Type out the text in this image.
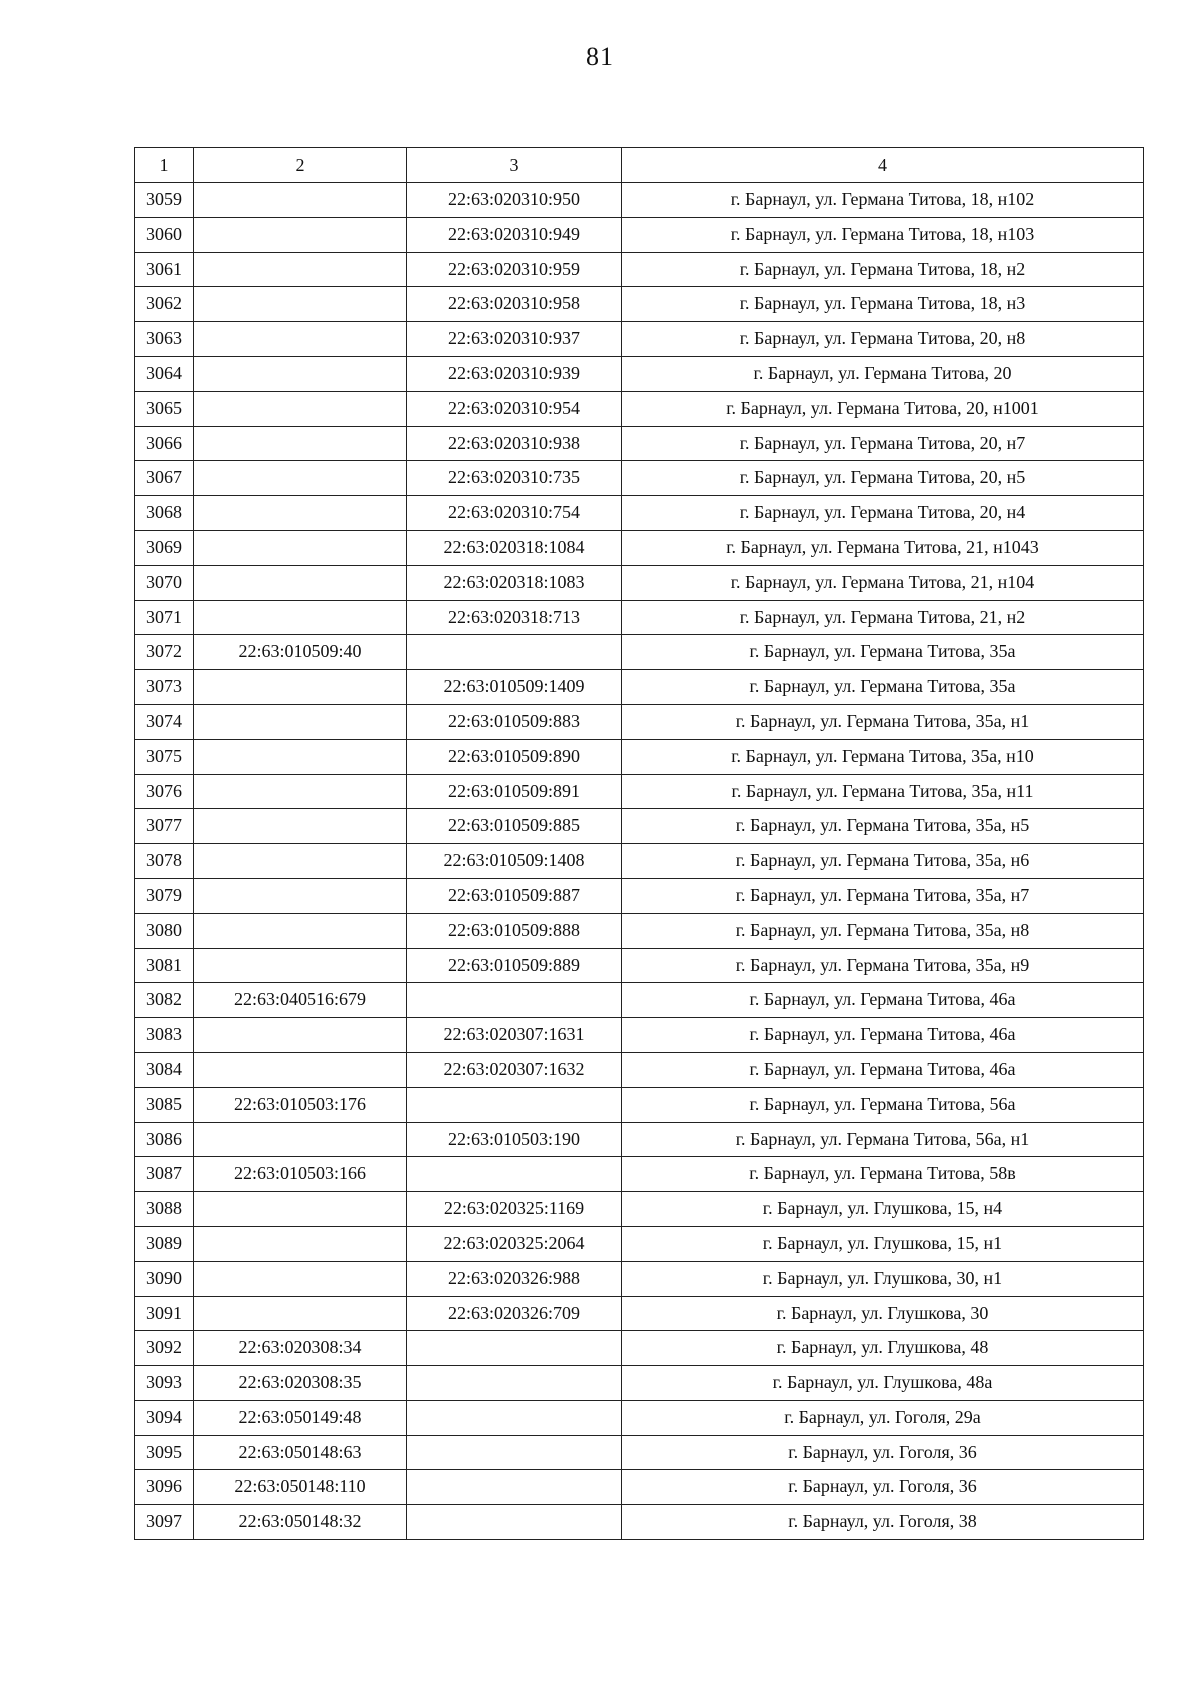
81
1	2	3	4
3059		22:63:020310:950	г. Барнаул, ул. Германа Титова, 18, н102
3060		22:63:020310:949	г. Барнаул, ул. Германа Титова, 18, н103
3061		22:63:020310:959	г. Барнаул, ул. Германа Титова, 18, н2
3062		22:63:020310:958	г. Барнаул, ул. Германа Титова, 18, н3
3063		22:63:020310:937	г. Барнаул, ул. Германа Титова, 20, н8
3064		22:63:020310:939	г. Барнаул, ул. Германа Титова, 20
3065		22:63:020310:954	г. Барнаул, ул. Германа Титова, 20, н1001
3066		22:63:020310:938	г. Барнаул, ул. Германа Титова, 20, н7
3067		22:63:020310:735	г. Барнаул, ул. Германа Титова, 20, н5
3068		22:63:020310:754	г. Барнаул, ул. Германа Титова, 20, н4
3069		22:63:020318:1084	г. Барнаул, ул. Германа Титова, 21, н1043
3070		22:63:020318:1083	г. Барнаул, ул. Германа Титова, 21, н104
3071		22:63:020318:713	г. Барнаул, ул. Германа Титова, 21, н2
3072	22:63:010509:40		г. Барнаул, ул. Германа Титова, 35а
3073		22:63:010509:1409	г. Барнаул, ул. Германа Титова, 35а
3074		22:63:010509:883	г. Барнаул, ул. Германа Титова, 35а, н1
3075		22:63:010509:890	г. Барнаул, ул. Германа Титова, 35а, н10
3076		22:63:010509:891	г. Барнаул, ул. Германа Титова, 35а, н11
3077		22:63:010509:885	г. Барнаул, ул. Германа Титова, 35а, н5
3078		22:63:010509:1408	г. Барнаул, ул. Германа Титова, 35а, н6
3079		22:63:010509:887	г. Барнаул, ул. Германа Титова, 35а, н7
3080		22:63:010509:888	г. Барнаул, ул. Германа Титова, 35а, н8
3081		22:63:010509:889	г. Барнаул, ул. Германа Титова, 35а, н9
3082	22:63:040516:679		г. Барнаул, ул. Германа Титова, 46а
3083		22:63:020307:1631	г. Барнаул, ул. Германа Титова, 46а
3084		22:63:020307:1632	г. Барнаул, ул. Германа Титова, 46а
3085	22:63:010503:176		г. Барнаул, ул. Германа Титова, 56а
3086		22:63:010503:190	г. Барнаул, ул. Германа Титова, 56а, н1
3087	22:63:010503:166		г. Барнаул, ул. Германа Титова, 58в
3088		22:63:020325:1169	г. Барнаул, ул. Глушкова, 15, н4
3089		22:63:020325:2064	г. Барнаул, ул. Глушкова, 15, н1
3090		22:63:020326:988	г. Барнаул, ул. Глушкова, 30, н1
3091		22:63:020326:709	г. Барнаул, ул. Глушкова, 30
3092	22:63:020308:34		г. Барнаул, ул. Глушкова, 48
3093	22:63:020308:35		г. Барнаул, ул. Глушкова, 48а
3094	22:63:050149:48		г. Барнаул, ул. Гоголя, 29а
3095	22:63:050148:63		г. Барнаул, ул. Гоголя, 36
3096	22:63:050148:110		г. Барнаул, ул. Гоголя, 36
3097	22:63:050148:32		г. Барнаул, ул. Гоголя, 38
